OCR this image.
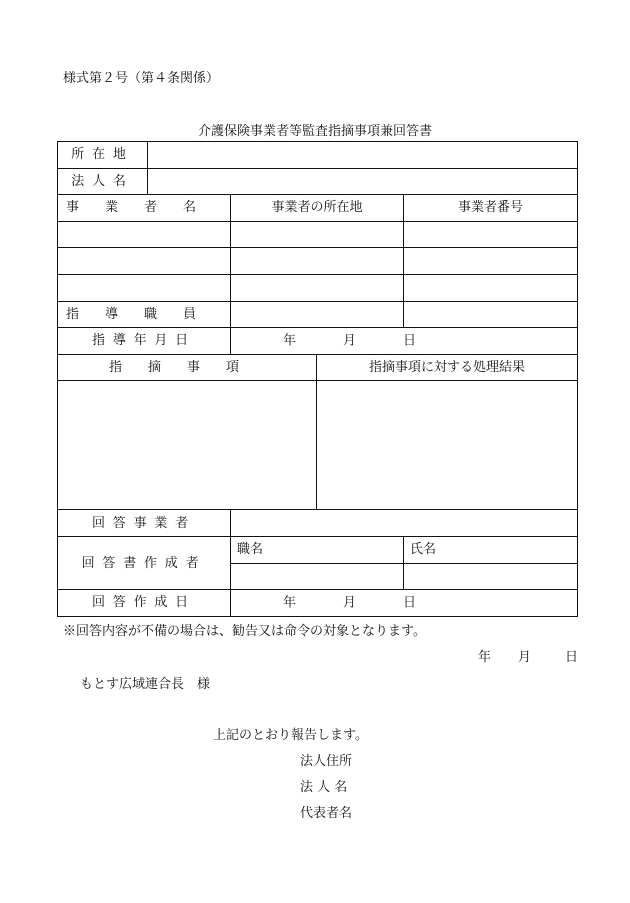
様式第２号（第４条関係）
介護保険事業者等監査指摘事項兼回答書
所在地				
法人名				
事業者名		事業者の所在地		事業者番号

指導職員				
指導年月日		年 月 日		

指摘事項			指摘事項に対する処理結果	

回答事業者				
回答書作成者		職名		氏名

回答作成日		年 月 日		
※回答内容が不備の場合は、勧告又は命令の対象となります。
年 月	日
もとす広域連合長　様
上記のとおり報告します。
法人住所
法 人 名
代表者名
